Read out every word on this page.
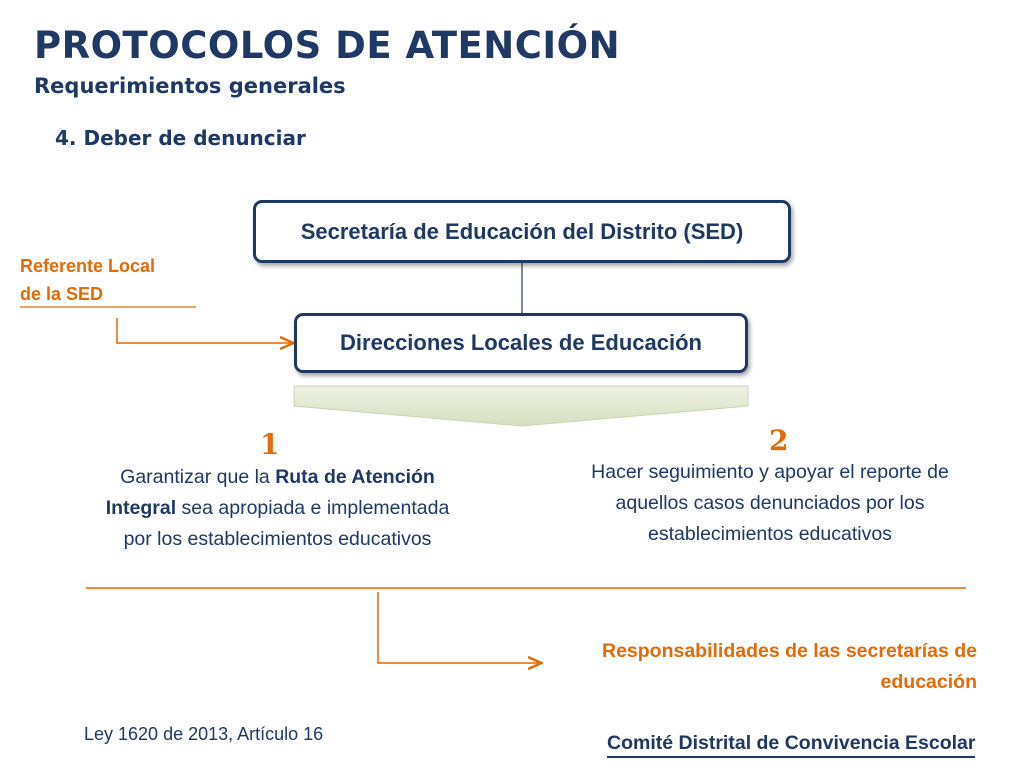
PROTOCOLOS DE ATENCIÓN
Requerimientos generales
4. Deber de denunciar
Secretaría de Educación del Distrito (SED)
Direcciones Locales de Educación
Referente Local
de la SED
1	2
Garantizar que la Ruta de Atención Integral sea apropiada e implementada por los establecimientos educativos
Hacer seguimiento y apoyar el reporte de aquellos casos denunciados por los establecimientos educativos
Responsabilidades de las secretarías de educación
Ley 1620 de 2013, Artículo 16	Comité Distrital de Convivencia Escolar
